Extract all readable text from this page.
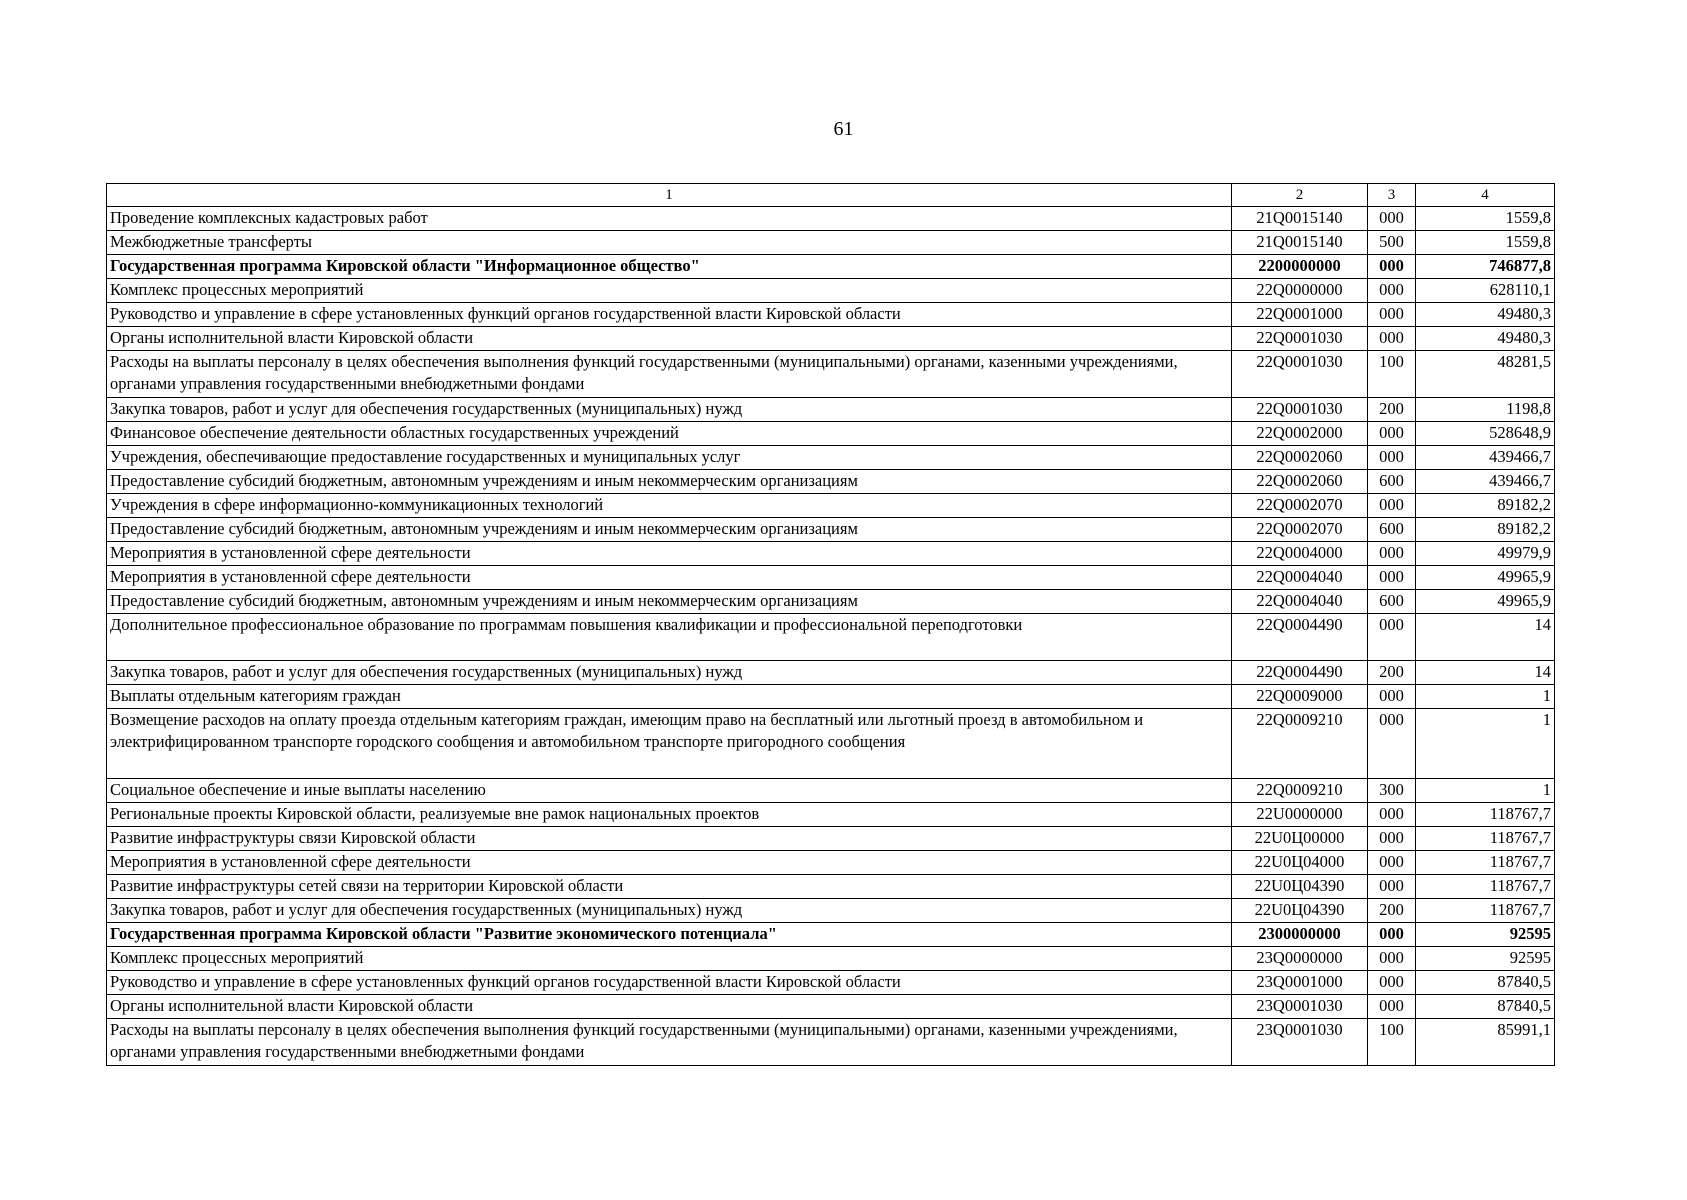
61
1	2	3	4
Проведение комплексных кадастровых работ	21Q0015140	000	1559,8
Межбюджетные трансферты	21Q0015140	500	1559,8
Государственная программа Кировской области "Информационное общество"	2200000000	000	746877,8
Комплекс процессных мероприятий	22Q0000000	000	628110,1
Руководство и управление в сфере установленных функций органов государственной власти Кировской области	22Q0001000	000	49480,3
Органы исполнительной власти Кировской области	22Q0001030	000	49480,3
Расходы на выплаты персоналу в целях обеспечения выполнения функций государственными (муниципальными) органами, казенными учреждениями, органами управления государственными внебюджетными фондами	22Q0001030	100	48281,5
Закупка товаров, работ и услуг для обеспечения государственных (муниципальных) нужд	22Q0001030	200	1198,8
Финансовое обеспечение деятельности областных государственных учреждений	22Q0002000	000	528648,9
Учреждения, обеспечивающие предоставление государственных и муниципальных услуг	22Q0002060	000	439466,7
Предоставление субсидий бюджетным, автономным учреждениям и иным некоммерческим организациям	22Q0002060	600	439466,7
Учреждения в сфере информационно-коммуникационных технологий	22Q0002070	000	89182,2
Предоставление субсидий бюджетным, автономным учреждениям и иным некоммерческим организациям	22Q0002070	600	89182,2
Мероприятия в установленной сфере деятельности	22Q0004000	000	49979,9
Мероприятия в установленной сфере деятельности	22Q0004040	000	49965,9
Предоставление субсидий бюджетным, автономным учреждениям и иным некоммерческим организациям	22Q0004040	600	49965,9
Дополнительное профессиональное образование по программам повышения квалификации и профессиональной переподготовки	22Q0004490	000	14
Закупка товаров, работ и услуг для обеспечения государственных (муниципальных) нужд	22Q0004490	200	14
Выплаты отдельным категориям граждан	22Q0009000	000	1
Возмещение расходов на оплату проезда отдельным категориям граждан, имеющим право на бесплатный или льготный проезд в автомобильном и электрифицированном транспорте городского сообщения и автомобильном транспорте пригородного сообщения	22Q0009210	000	1
Социальное обеспечение и иные выплаты населению	22Q0009210	300	1
Региональные проекты Кировской области, реализуемые вне рамок национальных проектов	22U0000000	000	118767,7
Развитие инфраструктуры связи Кировской области	22U0Ц00000	000	118767,7
Мероприятия в установленной сфере деятельности	22U0Ц04000	000	118767,7
Развитие инфраструктуры сетей связи на территории Кировской области	22U0Ц04390	000	118767,7
Закупка товаров, работ и услуг для обеспечения государственных (муниципальных) нужд	22U0Ц04390	200	118767,7
Государственная программа Кировской области "Развитие экономического потенциала"	2300000000	000	92595
Комплекс процессных мероприятий	23Q0000000	000	92595
Руководство и управление в сфере установленных функций органов государственной власти Кировской области	23Q0001000	000	87840,5
Органы исполнительной власти Кировской области	23Q0001030	000	87840,5
Расходы на выплаты персоналу в целях обеспечения выполнения функций государственными (муниципальными) органами, казенными учреждениями, органами управления государственными внебюджетными фондами	23Q0001030	100	85991,1
